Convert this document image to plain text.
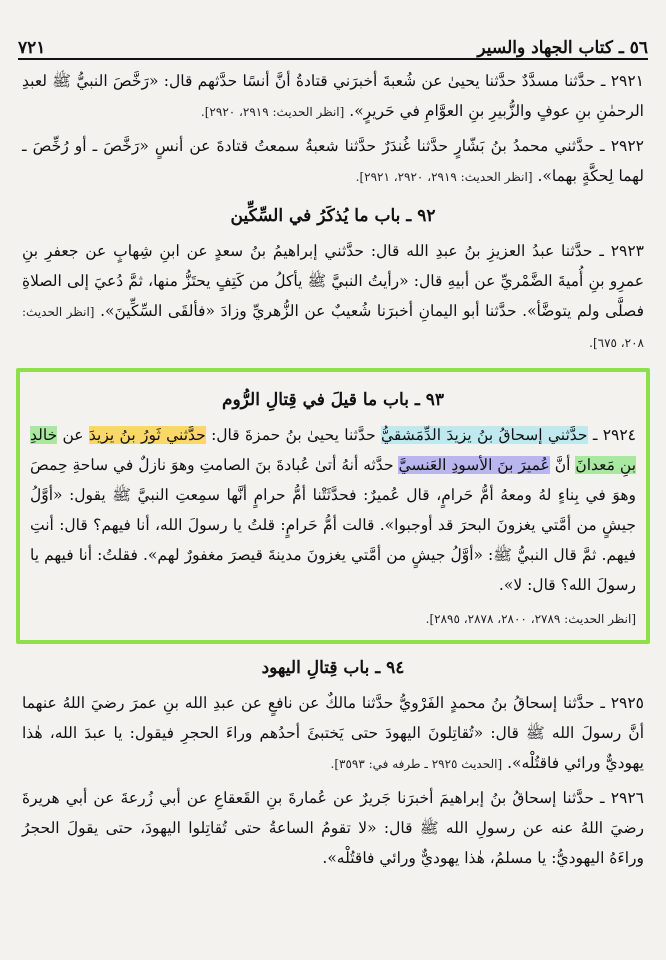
٧٢١	٥٦ ـ كتاب الجهاد والسير

٢٩٢١ ـ حدَّثنا مسدَّدٌ حدَّثنا يحيىٰ عن شُعبةَ أخبرَني قتادةُ أنَّ أنسًا حدَّثهم قال: «رَخَّصَ النبيُّ ﷺ لعبدِ الرحمٰنِ بنِ عوفٍ والزُّبيرِ بنِ العوَّامِ في حَريرٍ». [انظر الحديث: ٢٩١٩، ٢٩٢٠].

٢٩٢٢ ـ حدَّثني محمدُ بنُ بَشّارٍ حدَّثنا غُندَرٌ حدَّثنا شعبةُ سمعتُ قتادةَ عن أنسٍ «رَخَّصَ ـ أو رُخِّصَ ـ لهما لِحكَّةٍ بهما». [انظر الحديث: ٢٩١٩، ٢٩٢٠، ٢٩٢١].

٩٢ ـ باب ما يُذكَرُ في السِّكِّين

٢٩٢٣ ـ حدَّثنا عبدُ العزيزِ بنُ عبدِ الله قال: حدَّثني إبراهيمُ بنُ سعدٍ عن ابنِ شِهابٍ عن جعفرِ بنِ عمرِو بنِ أُميةَ الضَّمْريِّ عن أبيهِ قال: «رأيتُ النبيَّ ﷺ يأكلُ من كَتِفٍ يحتَزُّ منها، ثمَّ دُعيَ إلى الصلاةِ فصلَّى ولم يتوضَّأ». حدَّثنا أبو اليمانِ أخبرَنا شُعيبٌ عن الزُّهريِّ وزادَ «فألقَى السِّكِّينَ». [انظر الحديث: ٢٠٨، ٦٧٥].

٩٣ ـ باب ما قيلَ في قِتالِ الرُّوم

٢٩٢٤ ـ حدَّثني إسحاقُ بنُ يزيدَ الدِّمَشقيُّ حدَّثنا يحيىٰ بنُ حمزةَ قال: حدَّثني ثَورُ بنُ يزيدَ عن خالدِ بنِ مَعدانَ أنَّ عُميرَ بنَ الأسودِ العَنسيَّ حدَّثه أنهُ أتىٰ عُبادةَ بنَ الصامتِ وهوَ نازلٌ في ساحةِ حِمصَ وهوَ في بِناءٍ لهُ ومعهُ أمُّ حَرامٍ، قال عُميرٌ: فحدَّثَتْنا أمُّ حرامٍ أنَّها سمِعتِ النبيَّ ﷺ يقول: «أوَّلُ جيشٍ من أمَّتي يغزونَ البحرَ قد أوجبوا». قالت أمُّ حَرامٍ: قلتُ يا رسولَ الله، أنا فيهم؟ قال: أنتِ فيهم. ثمَّ قال النبيُّ ﷺ: «أوَّلُ جيشٍ من أمَّتي يغزونَ مدينةَ قيصرَ مغفورٌ لهم». فقلتُ: أنا فيهم يا رسولَ الله؟ قال: لا».

[انظر الحديث: ٢٧٨٩، ٢٨٠٠، ٢٨٧٨، ٢٨٩٥].

٩٤ ـ باب قِتالِ اليهود

٢٩٢٥ ـ حدَّثنا إسحاقُ بنُ محمدٍ الفَرْويُّ حدَّثنا مالكٌ عن نافعٍ عن عبدِ الله بنِ عمرَ رضيَ اللهُ عنهما أنَّ رسولَ الله ﷺ قال: «تُقاتِلونَ اليهودَ حتى يَختبئَ أحدُهم وراءَ الحجرِ فيقول: يا عبدَ الله، هٰذا يهوديٌّ ورائي فاقتُلْه». [الحديث ٢٩٢٥ ـ طرفه في: ٣٥٩٣].

٢٩٢٦ ـ حدَّثنا إسحاقُ بنُ إبراهيمَ أخبرَنا جَريرٌ عن عُمارةَ بنِ القَعقاعِ عن أبي زُرعةَ عن أبي هريرةَ رضيَ اللهُ عنه عن رسولِ الله ﷺ قال: «لا تقومُ الساعةُ حتى تُقاتِلوا اليهودَ، حتى يقولَ الحجرُ وراءَهُ اليهوديُّ: يا مسلمُ، هٰذا يهوديٌّ ورائي فاقتُلْه».
